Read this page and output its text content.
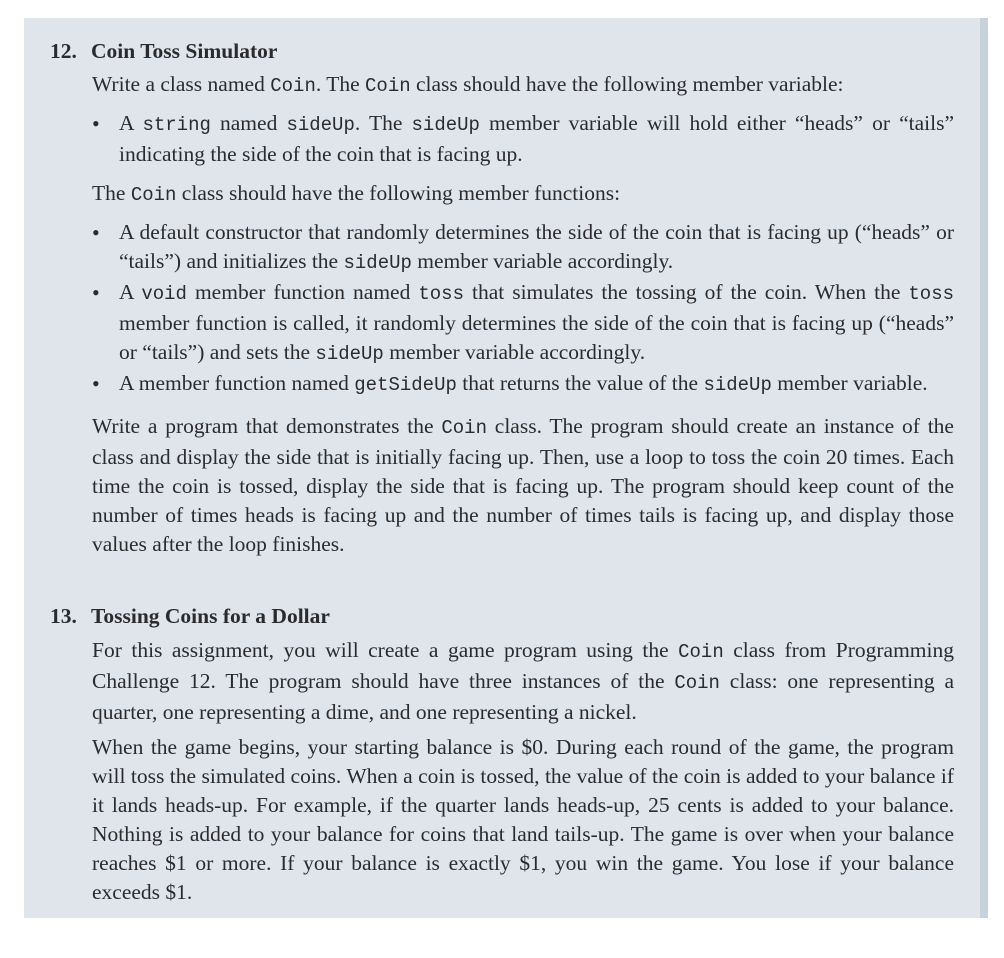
12. Coin Toss Simulator

Write a class named Coin. The Coin class should have the following member variable:

• A string named sideUp. The sideUp member variable will hold either “heads” or “tails” indicating the side of the coin that is facing up.

The Coin class should have the following member functions:

• A default constructor that randomly determines the side of the coin that is facing up (“heads” or “tails”) and initializes the sideUp member variable accordingly.
• A void member function named toss that simulates the tossing of the coin. When the toss member function is called, it randomly determines the side of the coin that is facing up (“heads” or “tails”) and sets the sideUp member variable accordingly.
• A member function named getSideUp that returns the value of the sideUp member variable.

Write a program that demonstrates the Coin class. The program should create an instance of the class and display the side that is initially facing up. Then, use a loop to toss the coin 20 times. Each time the coin is tossed, display the side that is facing up. The program should keep count of the number of times heads is facing up and the number of times tails is facing up, and display those values after the loop finishes.

13. Tossing Coins for a Dollar

For this assignment, you will create a game program using the Coin class from Programming Challenge 12. The program should have three instances of the Coin class: one representing a quarter, one representing a dime, and one representing a nickel.

When the game begins, your starting balance is $0. During each round of the game, the program will toss the simulated coins. When a coin is tossed, the value of the coin is added to your balance if it lands heads-up. For example, if the quarter lands heads-up, 25 cents is added to your balance. Nothing is added to your balance for coins that land tails-up. The game is over when your balance reaches $1 or more. If your balance is exactly $1, you win the game. You lose if your balance exceeds $1.
